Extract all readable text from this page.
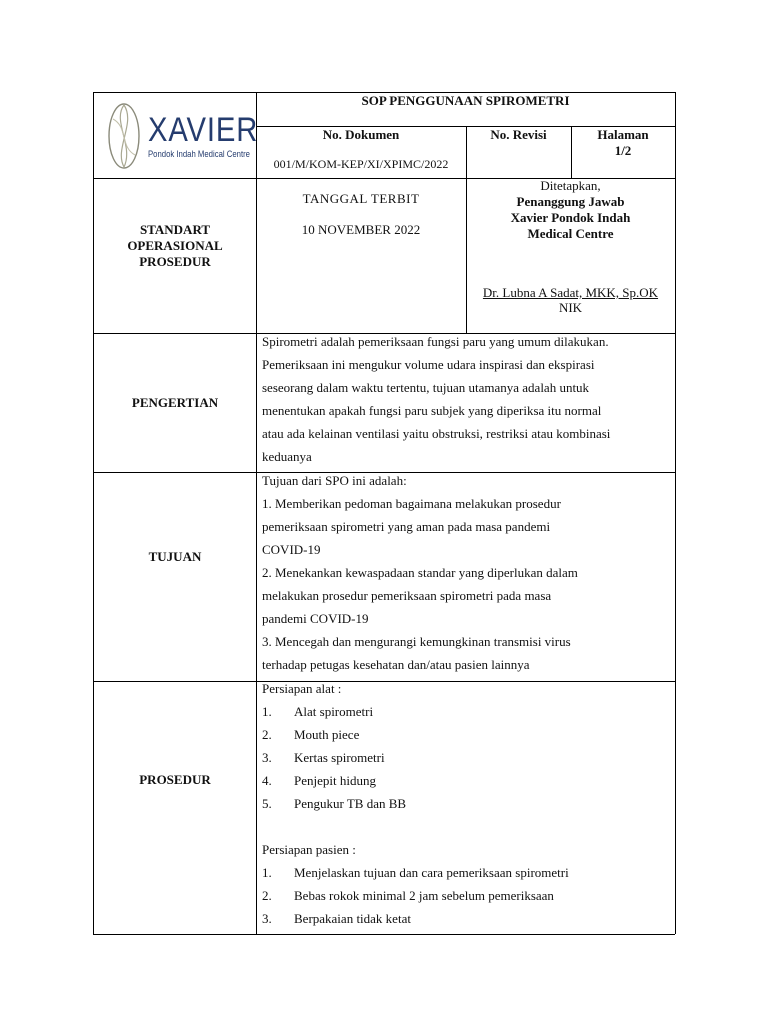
XAVIER
Pondok Indah Medical Centre
SOP PENGGUNAAN SPIROMETRI
No. Dokumen
001/M/KOM-KEP/XI/XPIMC/2022
No. Revisi	Halaman
1/2
STANDART
OPERASIONAL
PROSEDUR
TANGGAL TERBIT
10 NOVEMBER 2022
Ditetapkan,
Penanggung Jawab
Xavier Pondok Indah
Medical Centre
Dr. Lubna A Sadat, MKK, Sp.OK
NIK
PENGERTIAN
Spirometri adalah pemeriksaan fungsi paru yang umum dilakukan.
Pemeriksaan ini mengukur volume udara inspirasi dan ekspirasi
seseorang dalam waktu tertentu, tujuan utamanya adalah untuk
menentukan apakah fungsi paru subjek yang diperiksa itu normal
atau ada kelainan ventilasi yaitu obstruksi, restriksi atau kombinasi
keduanya
TUJUAN
Tujuan dari SPO ini adalah:
1. Memberikan pedoman bagaimana melakukan prosedur
pemeriksaan spirometri yang aman pada masa pandemi
COVID-19
2. Menekankan kewaspadaan standar yang diperlukan dalam
melakukan prosedur pemeriksaan spirometri pada masa
pandemi COVID-19
3. Mencegah dan mengurangi kemungkinan transmisi virus
terhadap petugas kesehatan dan/atau pasien lainnya
PROSEDUR
Persiapan alat :
1. Alat spirometri
2. Mouth piece
3. Kertas spirometri
4. Penjepit hidung
5. Pengukur TB dan BB
Persiapan pasien :
1. Menjelaskan tujuan dan cara pemeriksaan spirometri
2. Bebas rokok minimal 2 jam sebelum pemeriksaan
3. Berpakaian tidak ketat
